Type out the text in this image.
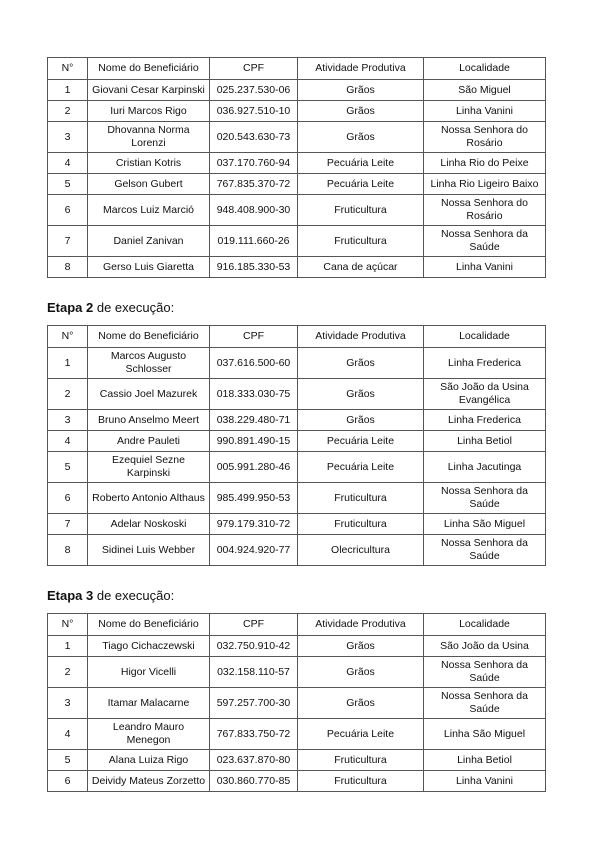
N°	Nome do Beneficiário	CPF	Atividade Produtiva	Localidade
1	Giovani Cesar Karpinski	025.237.530-06	Grãos	São Miguel
2	Iuri Marcos Rigo	036.927.510-10	Grãos	Linha Vanini
3	Dhovanna Norma Lorenzi	020.543.630-73	Grãos	Nossa Senhora do Rosário
4	Cristian Kotris	037.170.760-94	Pecuária Leite	Linha Rio do Peixe
5	Gelson Gubert	767.835.370-72	Pecuária Leite	Linha Rio Ligeiro Baixo
6	Marcos Luiz Marció	948.408.900-30	Fruticultura	Nossa Senhora do Rosário
7	Daniel Zanivan	019.111.660-26	Fruticultura	Nossa Senhora da Saúde
8	Gerso Luis Giaretta	916.185.330-53	Cana de açúcar	Linha Vanini

Etapa 2 de execução:

N°	Nome do Beneficiário	CPF	Atividade Produtiva	Localidade
1	Marcos Augusto Schlosser	037.616.500-60	Grãos	Linha Frederica
2	Cassio Joel Mazurek	018.333.030-75	Grãos	São João da Usina Evangélica
3	Bruno Anselmo Meert	038.229.480-71	Grãos	Linha Frederica
4	Andre Pauleti	990.891.490-15	Pecuária Leite	Linha Betiol
5	Ezequiel Sezne Karpinski	005.991.280-46	Pecuária Leite	Linha Jacutinga
6	Roberto Antonio Althaus	985.499.950-53	Fruticultura	Nossa Senhora da Saúde
7	Adelar Noskoski	979.179.310-72	Fruticultura	Linha São Miguel
8	Sidinei Luis Webber	004.924.920-77	Olecricultura	Nossa Senhora da Saúde

Etapa 3 de execução:

N°	Nome do Beneficiário	CPF	Atividade Produtiva	Localidade
1	Tiago Cichaczewski	032.750.910-42	Grãos	São João da Usina
2	Higor Vicelli	032.158.110-57	Grãos	Nossa Senhora da Saúde
3	Itamar Malacarne	597.257.700-30	Grãos	Nossa Senhora da Saúde
4	Leandro Mauro Menegon	767.833.750-72	Pecuária Leite	Linha São Miguel
5	Alana Luiza Rigo	023.637.870-80	Fruticultura	Linha Betiol
6	Deividy Mateus Zorzetto	030.860.770-85	Fruticultura	Linha Vanini
